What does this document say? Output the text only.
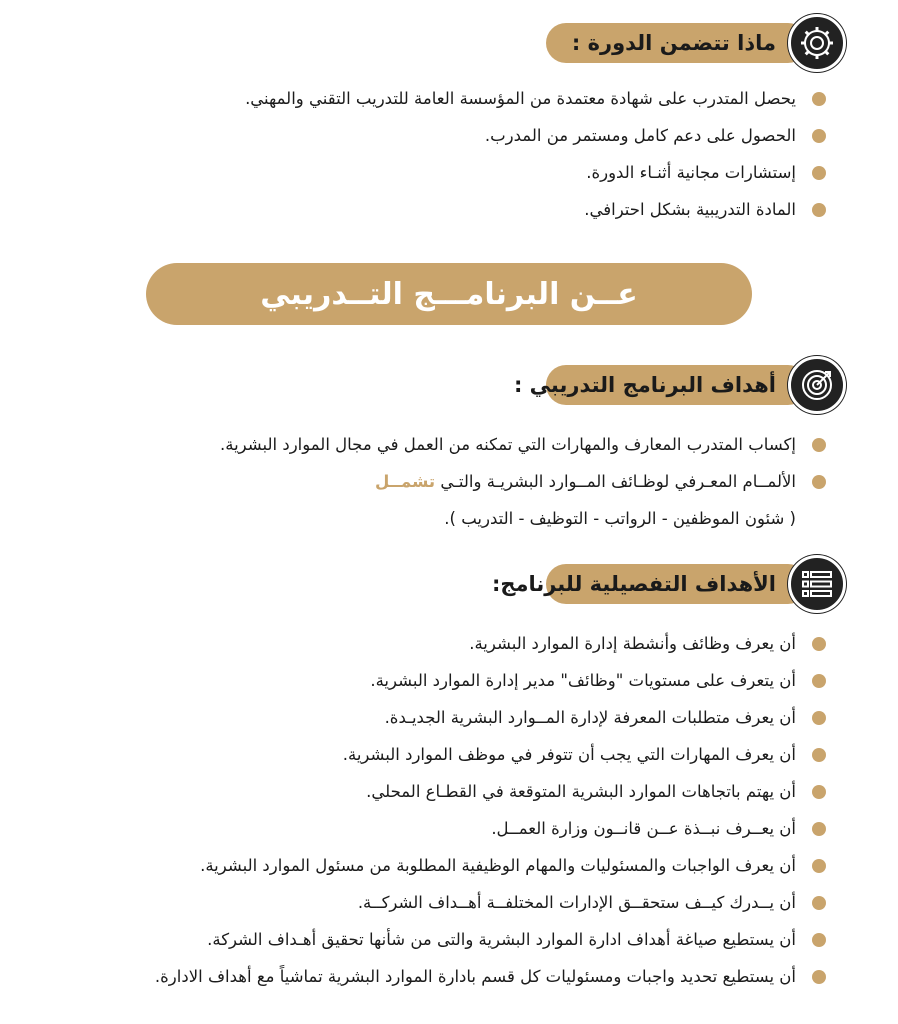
ماذا تتضمن الدورة :
يحصل المتدرب على شهادة معتمدة من المؤسسة العامة للتدريب التقني والمهني.
الحصول على دعم كامل ومستمر من المدرب.
إستشارات مجانية أثنـاء الدورة.
المادة التدريبية بشكل احترافي.
عــن البرنامـــج التــدريبي
أهداف البرنامج التدريبي :
إكساب المتدرب المعارف والمهارات التي تمكنه من العمل في مجال الموارد البشرية.
الألمــام المعـرفي لوظـائف المــوارد البشريـة والتـي تشمــل
( شئون الموظفين - الرواتب - التوظيف - التدريب ).
الأهداف التفصيلية للبرنامج:
أن يعرف وظائف وأنشطة إدارة الموارد البشرية.
أن يتعرف على مستويات "وظائف" مدير إدارة الموارد البشرية.
أن يعرف متطلبات المعرفة لإدارة المــوارد البشرية الجديـدة.
أن يعرف المهارات التي يجب أن تتوفر في موظف الموارد البشرية.
أن يهتم باتجاهات الموارد البشرية المتوقعة في القطـاع المحلي.
أن يعــرف نبــذة عــن قانــون وزارة العمــل.
أن يعرف الواجبات والمسئوليات والمهام الوظيفية المطلوبة من مسئول الموارد البشرية.
أن يــدرك كيــف ستحقــق الإدارات المختلفــة أهــداف الشركــة.
أن يستطيع صياغة أهداف ادارة الموارد البشرية والتى من شأنها تحقيق أهـداف الشركة.
أن يستطيع تحديد واجبات ومسئوليات كل قسم بادارة الموارد البشرية تماشياً مع أهداف الادارة.
